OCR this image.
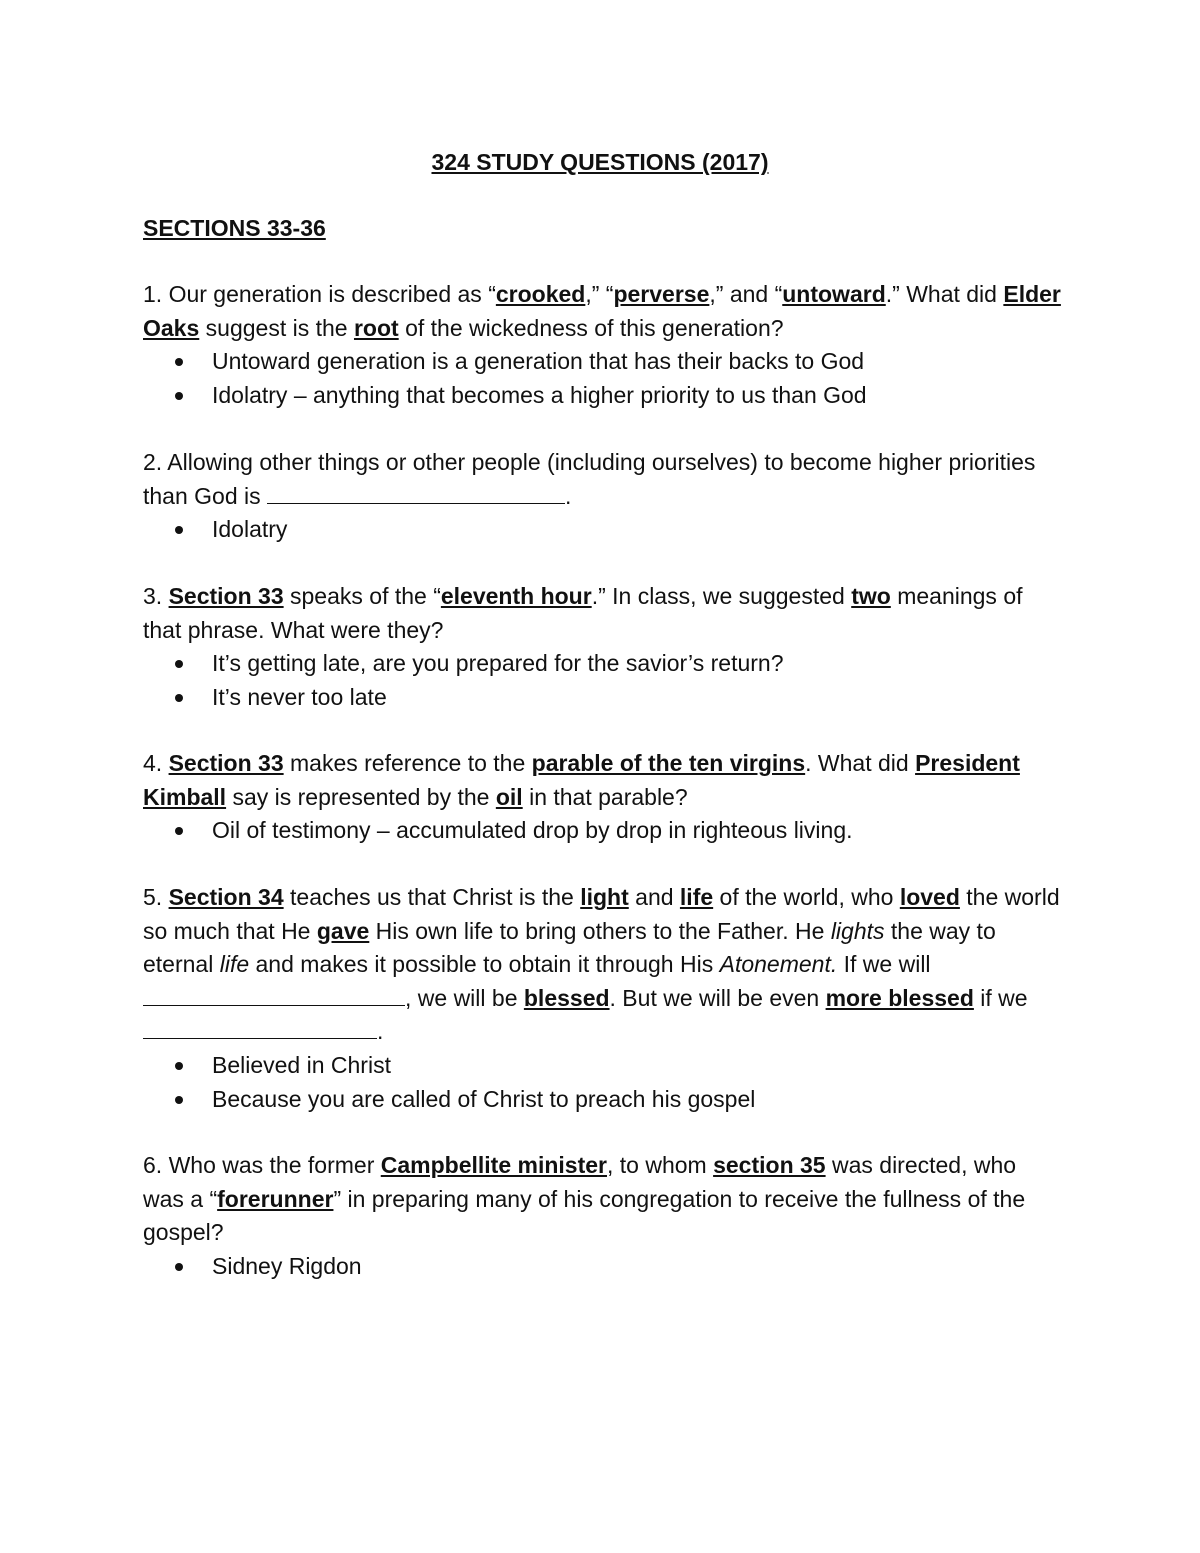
324 STUDY QUESTIONS (2017)
SECTIONS 33-36

1. Our generation is described as “crooked,” “perverse,” and “untoward.” What did Elder Oaks suggest is the root of the wickedness of this generation?

Untoward generation is a generation that has their backs to God
Idolatry – anything that becomes a higher priority to us than God

2. Allowing other things or other people (including ourselves) to become higher priorities than God is	.

Idolatry

3. Section 33 speaks of the “eleventh hour.” In class, we suggested two meanings of that phrase. What were they?

It’s getting late, are you prepared for the savior’s return?
It’s never too late

4. Section 33 makes reference to the parable of the ten virgins. What did President Kimball say is represented by the oil in that parable?

Oil of testimony – accumulated drop by drop in righteous living.

5. Section 34 teaches us that Christ is the light and life of the world, who loved the world so much that He gave His own life to bring others to the Father. He lights the way to eternal life and makes it possible to obtain it through His Atonement. If we will , we will be blessed. But we will be even more blessed if we .

Believed in Christ
Because you are called of Christ to preach his gospel

6. Who was the former Campbellite minister, to whom section 35 was directed, who was a “forerunner” in preparing many of his congregation to receive the fullness of the gospel?

Sidney Rigdon
